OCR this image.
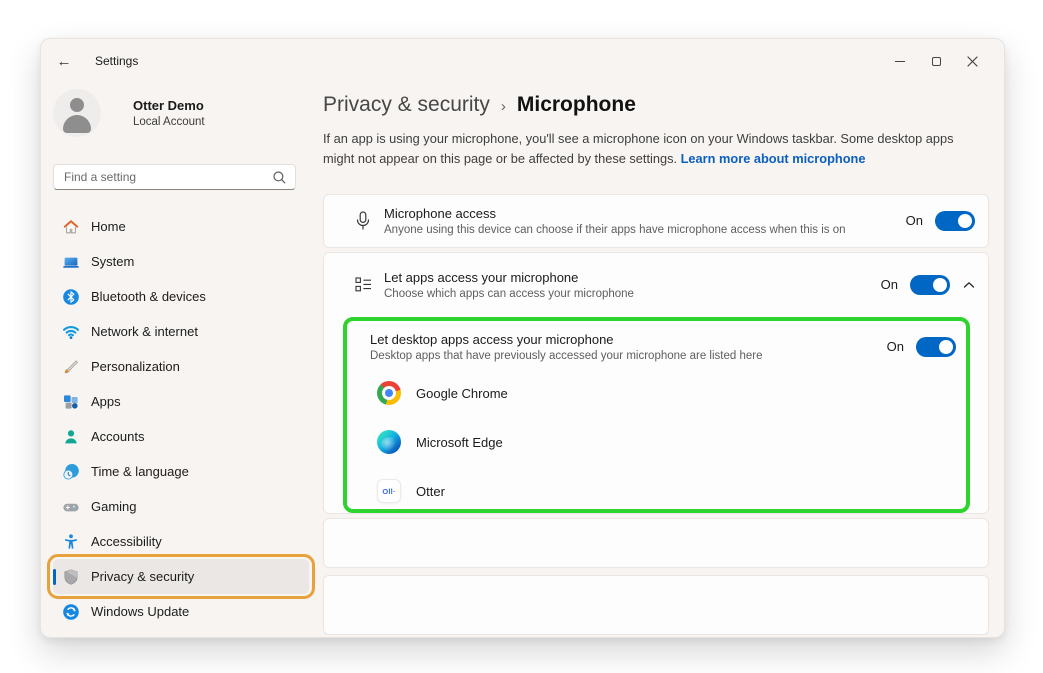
← Settings
Otter Demo
Local Account
Find a setting
Home
System
Bluetooth & devices
Network & internet
Personalization
Apps
Accounts
Time & language
Gaming
Accessibility
Privacy & security
Windows Update
Privacy & security › Microphone
If an app is using your microphone, you'll see a microphone icon on your Windows taskbar. Some desktop apps might not appear on this page or be affected by these settings. Learn more about microphone
Microphone access
Anyone using this device can choose if their apps have microphone access when this is on
On
Let apps access your microphone
Choose which apps can access your microphone
On
Let desktop apps access your microphone
Desktop apps that have previously accessed your microphone are listed here
On
Google Chrome
Microsoft Edge
Oll· Otter
